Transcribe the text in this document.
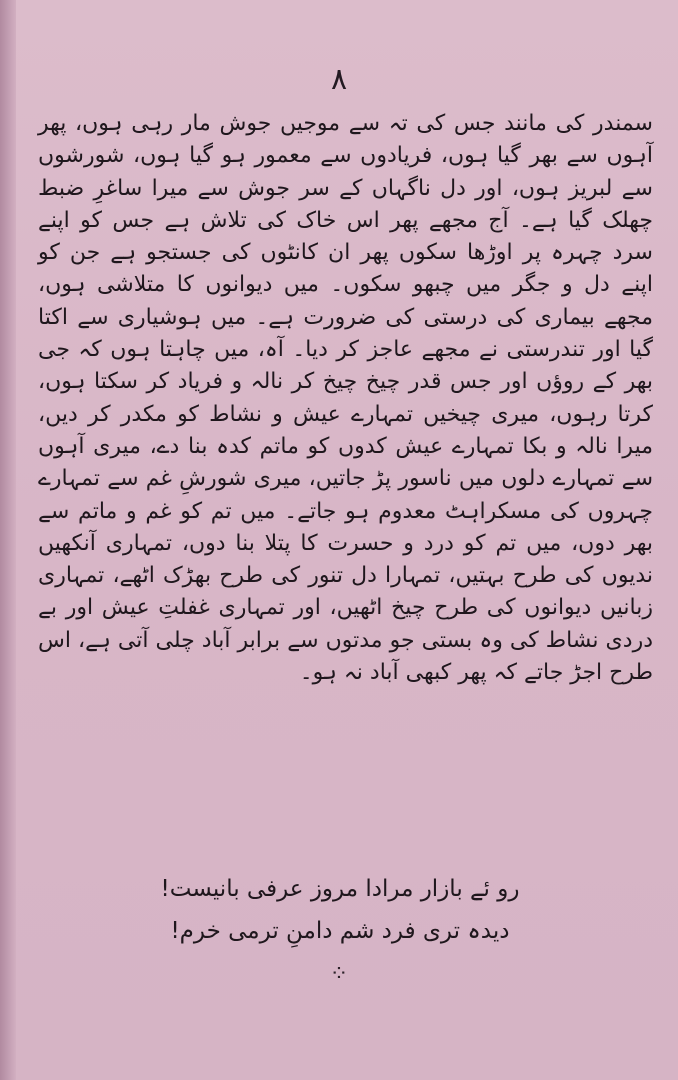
۸

سمندر کی مانند جس کی تہ سے موجیں جوش مار رہی ہوں، پھر آہوں سے بھر گیا ہوں، فریادوں سے معمور ہو گیا ہوں، شورشوں سے لبریز ہوں، اور دل ناگہاں کے سر جوش سے میرا ساغرِ ضبط چھلک گیا ہے۔ آج مجھے پھر اس خاک کی تلاش ہے جس کو اپنے سرد چہرہ پر اوڑھا سکوں پھر ان کانٹوں کی جستجو ہے جن کو اپنے دل و جگر میں چبھو سکوں۔ میں دیوانوں کا متلاشی ہوں، مجھے بیماری کی درستی کی ضرورت ہے۔ میں ہوشیاری سے اکتا گیا اور تندرستی نے مجھے عاجز کر دیا۔ آہ، میں چاہتا ہوں کہ جی بھر کے روؤں اور جس قدر چیخ چیخ کر نالہ و فریاد کر سکتا ہوں، کرتا رہوں، میری چیخیں تمہارے عیش و نشاط کو مکدر کر دیں، میرا نالہ و بکا تمہارے عیش کدوں کو ماتم کدہ بنا دے، میری آہوں سے تمہارے دلوں میں ناسور پڑ جاتیں، میری شورشِ غم سے تمہارے چہروں کی مسکراہٹ معدوم ہو جاتے۔ میں تم کو غم و ماتم سے بھر دوں، میں تم کو درد و حسرت کا پتلا بنا دوں، تمہاری آنکھیں ندیوں کی طرح بہتیں، تمہارا دل تنور کی طرح بھڑک اٹھے، تمہاری زبانیں دیوانوں کی طرح چیخ اٹھیں، اور تمہاری غفلتِ عیش اور بے دردی نشاط کی وہ بستی جو مدتوں سے برابر آباد چلی آتی ہے، اس طرح اجڑ جاتے کہ پھر کبھی آباد نہ ہو۔

رو ئے بازار مرادا مروز عرفی بانیست!
دیدہ تری فرد شم دامنِ ترمی خرم!
⁘
